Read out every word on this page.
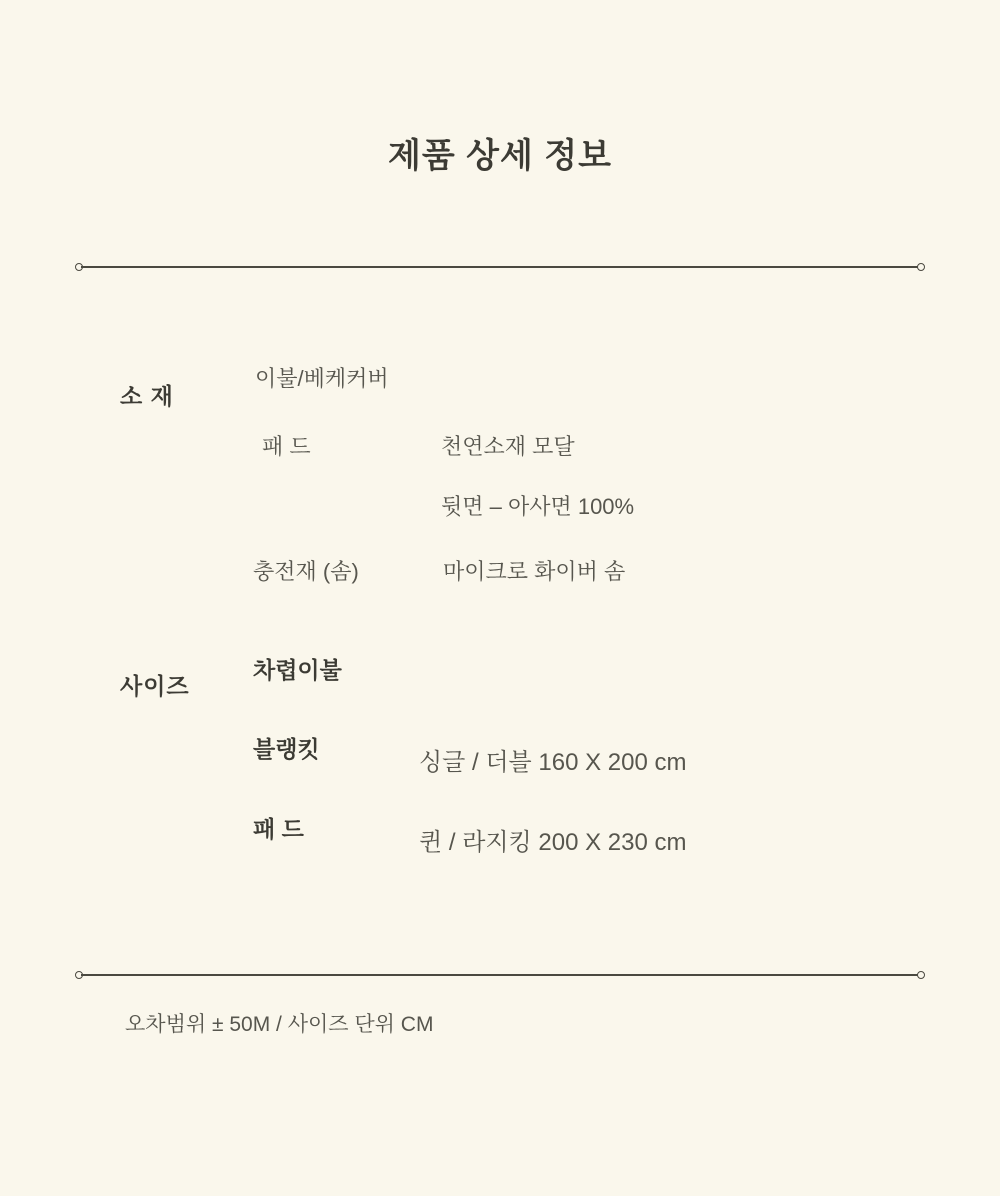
제품 상세 정보
소 재
이불/베케커버
패 드	천연소재 모달
뒷면 – 아사면 100%
충전재 (솜)	마이크로 화이버 솜
사이즈
차렵이불
블랭킷	싱글 / 더블 160 X 200 cm
패 드	퀸 / 라지킹 200 X 230 cm
오차범위 ± 50M / 사이즈 단위 CM
